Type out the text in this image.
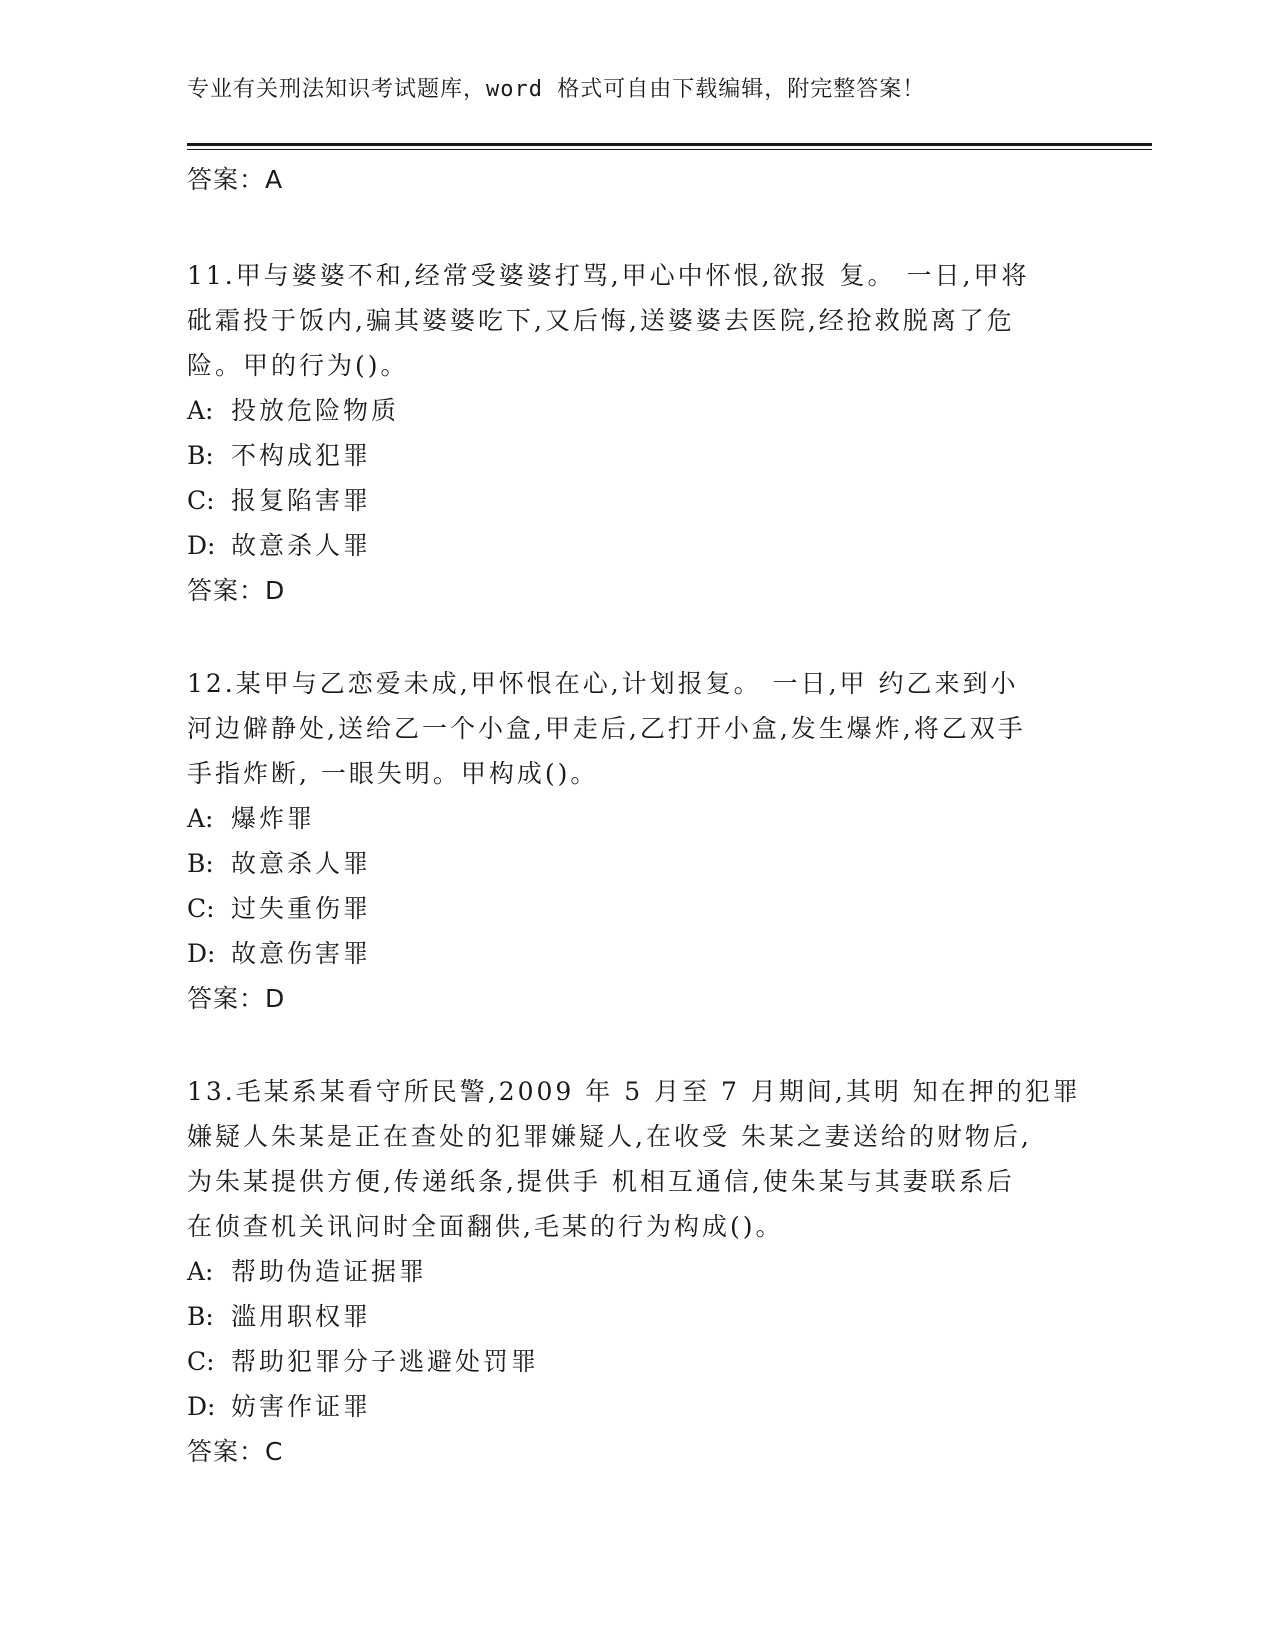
专业有关刑法知识考试题库，word 格式可自由下载编辑，附完整答案！
答案：A
11.甲与婆婆不和,经常受婆婆打骂,甲心中怀恨,欲报 复。 一日,甲将
砒霜投于饭内,骗其婆婆吃下,又后悔,送婆婆去医院,经抢救脱离了危
险。甲的行为()。
A: 投放危险物质
B: 不构成犯罪
C: 报复陷害罪
D: 故意杀人罪
答案：D
12.某甲与乙恋爱未成,甲怀恨在心,计划报复。 一日,甲 约乙来到小
河边僻静处,送给乙一个小盒,甲走后,乙打开小盒,发生爆炸,将乙双手
手指炸断, 一眼失明。甲构成()。
A: 爆炸罪
B: 故意杀人罪
C: 过失重伤罪
D: 故意伤害罪
答案：D
13.毛某系某看守所民警,2009 年 5 月至 7 月期间,其明 知在押的犯罪
嫌疑人朱某是正在查处的犯罪嫌疑人,在收受 朱某之妻送给的财物后,
为朱某提供方便,传递纸条,提供手 机相互通信,使朱某与其妻联系后
在侦查机关讯问时全面翻供,毛某的行为构成()。
A: 帮助伪造证据罪
B: 滥用职权罪
C: 帮助犯罪分子逃避处罚罪
D: 妨害作证罪
答案：C
